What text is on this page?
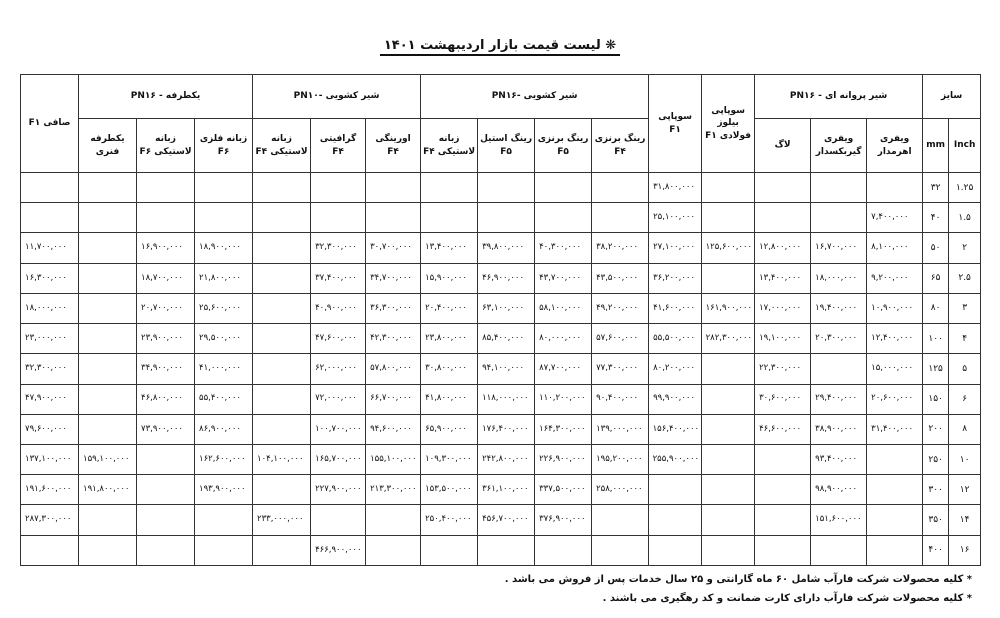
لیست قیمت بازار اردیبهشت ۱۴۰۱ ❋
سایز		شیر پروانه ای - PN۱۶			سوپاپی بیلوز فولادی F۱	سوپاپی F۱	شیر کشویی -PN۱۶				شیر کشویی -PN۱۰			یکطرفه - PN۱۶			صافی F۱	
Inch	mm	ویفری اهرمدار	ویفری گیربکسدار	لاگ			رینگ برنزی F۴	رینگ برنزی F۵	رینگ استیل F۵	زبانه لاستیکی F۴	اورینگی F۴	گرافیتی F۴	زبانه لاستیکی F۴	زبانه فلزی F۶	زبانه لاستیکی F۶	یکطرفه فنری		
۱.۲۵	۳۲					۳۱,۸۰۰,۰۰۰												
۱.۵	۴۰	۷,۴۰۰,۰۰۰				۲۵,۱۰۰,۰۰۰												
۲	۵۰	۸,۱۰۰,۰۰۰	۱۶,۷۰۰,۰۰۰	۱۲,۸۰۰,۰۰۰	۱۲۵,۶۰۰,۰۰۰	۲۷,۱۰۰,۰۰۰	۳۸,۲۰۰,۰۰۰	۴۰,۳۰۰,۰۰۰	۳۹,۸۰۰,۰۰۰	۱۳,۴۰۰,۰۰۰	۳۰,۷۰۰,۰۰۰	۳۲,۳۰۰,۰۰۰		۱۸,۹۰۰,۰۰۰	۱۶,۹۰۰,۰۰۰		۱۱,۷۰۰,۰۰۰	
۲.۵	۶۵	۹,۲۰۰,۰۰۰	۱۸,۰۰۰,۰۰۰	۱۳,۴۰۰,۰۰۰		۳۶,۲۰۰,۰۰۰	۴۳,۵۰۰,۰۰۰	۴۳,۷۰۰,۰۰۰	۴۶,۹۰۰,۰۰۰	۱۵,۹۰۰,۰۰۰	۳۴,۷۰۰,۰۰۰	۳۷,۴۰۰,۰۰۰		۲۱,۸۰۰,۰۰۰	۱۸,۷۰۰,۰۰۰		۱۶,۳۰۰,۰۰۰	
۳	۸۰	۱۰,۹۰۰,۰۰۰	۱۹,۴۰۰,۰۰۰	۱۷,۰۰۰,۰۰۰	۱۶۱,۹۰۰,۰۰۰	۴۱,۶۰۰,۰۰۰	۴۹,۲۰۰,۰۰۰	۵۸,۱۰۰,۰۰۰	۶۳,۱۰۰,۰۰۰	۲۰,۴۰۰,۰۰۰	۳۶,۳۰۰,۰۰۰	۴۰,۹۰۰,۰۰۰		۲۵,۶۰۰,۰۰۰	۲۰,۷۰۰,۰۰۰		۱۸,۰۰۰,۰۰۰	
۴	۱۰۰	۱۲,۴۰۰,۰۰۰	۲۰,۳۰۰,۰۰۰	۱۹,۱۰۰,۰۰۰	۲۸۲,۳۰۰,۰۰۰	۵۵,۵۰۰,۰۰۰	۵۷,۶۰۰,۰۰۰	۸۰,۰۰۰,۰۰۰	۸۵,۴۰۰,۰۰۰	۲۳,۸۰۰,۰۰۰	۴۲,۳۰۰,۰۰۰	۴۷,۶۰۰,۰۰۰		۲۹,۵۰۰,۰۰۰	۲۳,۹۰۰,۰۰۰		۲۳,۰۰۰,۰۰۰	
۵	۱۲۵	۱۵,۰۰۰,۰۰۰		۲۲,۳۰۰,۰۰۰		۸۰,۲۰۰,۰۰۰	۷۷,۳۰۰,۰۰۰	۸۷,۷۰۰,۰۰۰	۹۴,۱۰۰,۰۰۰	۳۰,۸۰۰,۰۰۰	۵۷,۸۰۰,۰۰۰	۶۲,۰۰۰,۰۰۰		۴۱,۰۰۰,۰۰۰	۳۴,۹۰۰,۰۰۰		۳۲,۳۰۰,۰۰۰	
۶	۱۵۰	۲۰,۶۰۰,۰۰۰	۲۹,۴۰۰,۰۰۰	۳۰,۶۰۰,۰۰۰		۹۹,۹۰۰,۰۰۰	۹۰,۴۰۰,۰۰۰	۱۱۰,۲۰۰,۰۰۰	۱۱۸,۰۰۰,۰۰۰	۴۱,۸۰۰,۰۰۰	۶۶,۷۰۰,۰۰۰	۷۲,۰۰۰,۰۰۰		۵۵,۴۰۰,۰۰۰	۴۶,۸۰۰,۰۰۰		۴۷,۹۰۰,۰۰۰	
۸	۲۰۰	۳۱,۴۰۰,۰۰۰	۳۸,۹۰۰,۰۰۰	۴۶,۶۰۰,۰۰۰		۱۵۶,۴۰۰,۰۰۰	۱۳۹,۰۰۰,۰۰۰	۱۶۴,۳۰۰,۰۰۰	۱۷۶,۴۰۰,۰۰۰	۶۵,۹۰۰,۰۰۰	۹۴,۶۰۰,۰۰۰	۱۰۰,۷۰۰,۰۰۰		۸۶,۹۰۰,۰۰۰	۷۳,۹۰۰,۰۰۰		۷۹,۶۰۰,۰۰۰	
۱۰	۲۵۰		۹۳,۴۰۰,۰۰۰			۲۵۵,۹۰۰,۰۰۰	۱۹۵,۲۰۰,۰۰۰	۲۲۶,۹۰۰,۰۰۰	۲۴۲,۸۰۰,۰۰۰	۱۰۹,۳۰۰,۰۰۰	۱۵۵,۱۰۰,۰۰۰	۱۶۵,۷۰۰,۰۰۰	۱۰۴,۱۰۰,۰۰۰	۱۶۲,۶۰۰,۰۰۰		۱۵۹,۱۰۰,۰۰۰	۱۳۷,۱۰۰,۰۰۰	
۱۲	۳۰۰		۹۸,۹۰۰,۰۰۰				۲۵۸,۰۰۰,۰۰۰	۳۳۷,۵۰۰,۰۰۰	۳۶۱,۱۰۰,۰۰۰	۱۵۳,۵۰۰,۰۰۰	۲۱۳,۳۰۰,۰۰۰	۲۲۷,۹۰۰,۰۰۰		۱۹۳,۹۰۰,۰۰۰		۱۹۱,۸۰۰,۰۰۰	۱۹۱,۶۰۰,۰۰۰	
۱۴	۳۵۰		۱۵۱,۶۰۰,۰۰۰					۳۷۶,۹۰۰,۰۰۰	۴۵۶,۷۰۰,۰۰۰	۲۵۰,۴۰۰,۰۰۰			۲۳۳,۰۰۰,۰۰۰				۲۸۷,۳۰۰,۰۰۰	
۱۶	۴۰۰											۴۶۶,۹۰۰,۰۰۰						
* کلیه محصولات شرکت فارآب شامل ۶۰ ماه گارانتی و ۲۵ سال خدمات پس از فروش می باشد .
* کلیه محصولات شرکت فارآب دارای کارت ضمانت و کد رهگیری می باشند .
